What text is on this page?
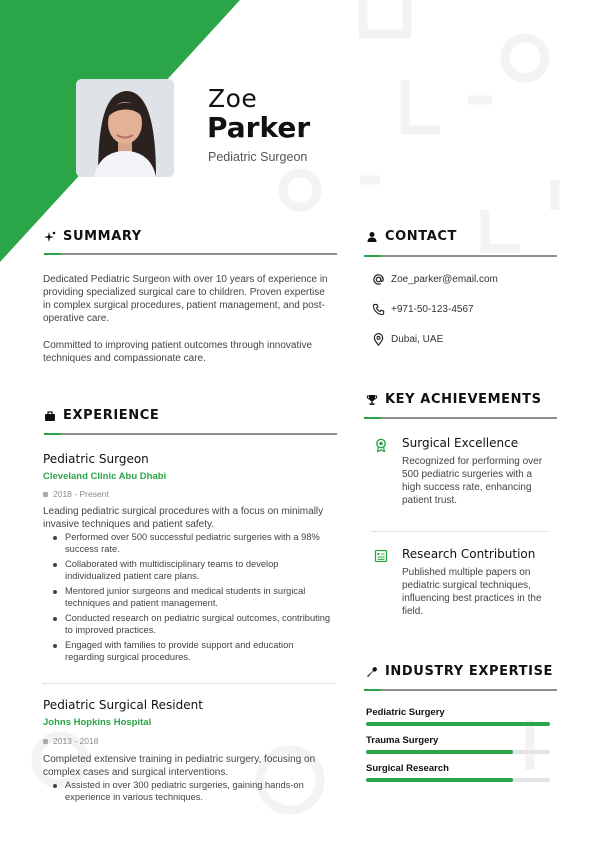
Zoe
Parker
Pediatric Surgeon
SUMMARY
Dedicated Pediatric Surgeon with over 10 years of experience in providing specialized surgical care to children. Proven expertise in complex surgical procedures, patient management, and post-operative care.
Committed to improving patient outcomes through innovative techniques and compassionate care.
EXPERIENCE
Pediatric Surgeon
Cleveland Clinic Abu Dhabi
2018 - Present
Leading pediatric surgical procedures with a focus on minimally invasive techniques and patient safety.
Performed over 500 successful pediatric surgeries with a 98% success rate.
Collaborated with multidisciplinary teams to develop individualized patient care plans.
Mentored junior surgeons and medical students in surgical techniques and patient management.
Conducted research on pediatric surgical outcomes, contributing to improved practices.
Engaged with families to provide support and education regarding surgical procedures.
Pediatric Surgical Resident
Johns Hopkins Hospital
2013 - 2018
Completed extensive training in pediatric surgery, focusing on complex cases and surgical interventions.
Assisted in over 300 pediatric surgeries, gaining hands-on experience in various techniques.
CONTACT
Zoe_parker@email.com
+971-50-123-4567
Dubai, UAE
KEY ACHIEVEMENTS
Surgical Excellence
Recognized for performing over 500 pediatric surgeries with a high success rate, enhancing patient trust.
Research Contribution
Published multiple papers on pediatric surgical techniques, influencing best practices in the field.
INDUSTRY EXPERTISE
Pediatric Surgery
Trauma Surgery
Surgical Research
